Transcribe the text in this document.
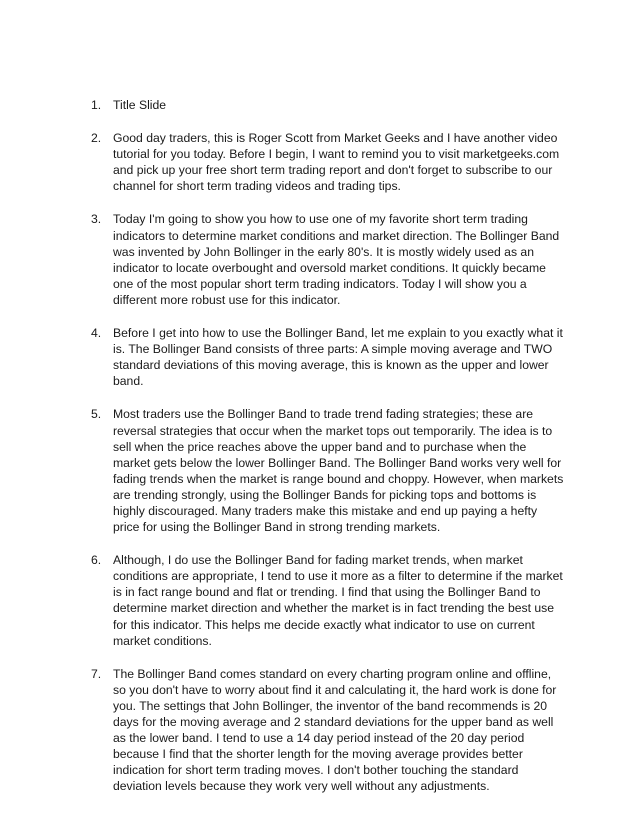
1. Title Slide
2. Good day traders, this is Roger Scott from Market Geeks and I have another video tutorial for you today. Before I begin, I want to remind you to visit marketgeeks.com and pick up your free short term trading report and don't forget to subscribe to our channel for short term trading videos and trading tips.
3. Today I'm going to show you how to use one of my favorite short term trading indicators to determine market conditions and market direction. The Bollinger Band was invented by John Bollinger in the early 80's. It is mostly widely used as an indicator to locate overbought and oversold market conditions. It quickly became one of the most popular short term trading indicators. Today I will show you a different more robust use for this indicator.
4. Before I get into how to use the Bollinger Band, let me explain to you exactly what it is. The Bollinger Band consists of three parts: A simple moving average and TWO standard deviations of this moving average, this is known as the upper and lower band.
5. Most traders use the Bollinger Band to trade trend fading strategies; these are reversal strategies that occur when the market tops out temporarily. The idea is to sell when the price reaches above the upper band and to purchase when the market gets below the lower Bollinger Band. The Bollinger Band works very well for fading trends when the market is range bound and choppy. However, when markets are trending strongly, using the Bollinger Bands for picking tops and bottoms is highly discouraged. Many traders make this mistake and end up paying a hefty price for using the Bollinger Band in strong trending markets.
6. Although, I do use the Bollinger Band for fading market trends, when market conditions are appropriate, I tend to use it more as a filter to determine if the market is in fact range bound and flat or trending. I find that using the Bollinger Band to determine market direction and whether the market is in fact trending the best use for this indicator. This helps me decide exactly what indicator to use on current market conditions.
7. The Bollinger Band comes standard on every charting program online and offline, so you don't have to worry about find it and calculating it, the hard work is done for you. The settings that John Bollinger, the inventor of the band recommends is 20 days for the moving average and 2 standard deviations for the upper band as well as the lower band. I tend to use a 14 day period instead of the 20 day period because I find that the shorter length for the moving average provides better indication for short term trading moves. I don't bother touching the standard deviation levels because they work very well without any adjustments.
